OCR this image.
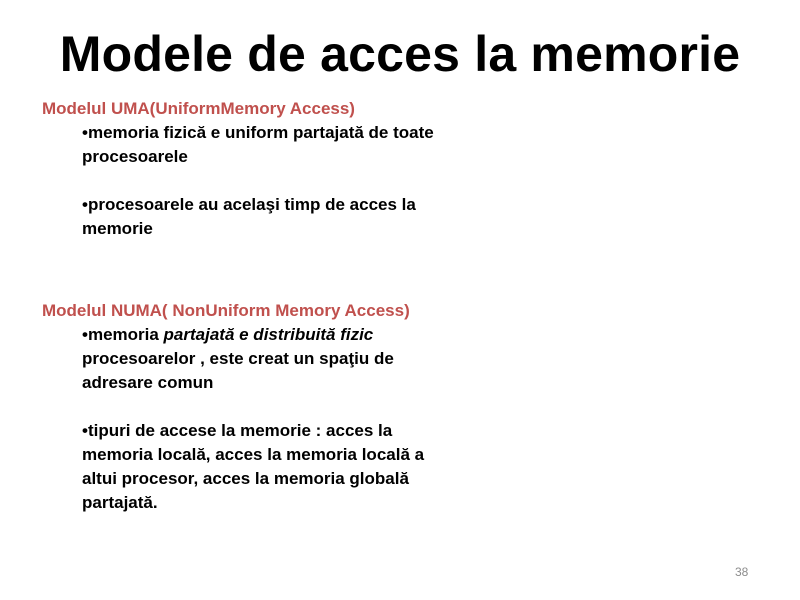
Modele de acces la memorie
Modelul UMA(UniformMemory Access)
•memoria fizică e uniform partajată de toate procesoarele
•procesoarele au acelaşi timp de acces la memorie
Modelul NUMA( NonUniform Memory Access)
•memoria partajată e distribuită fizic procesoarelor , este creat un spaţiu de adresare comun
•tipuri de accese la memorie : acces la memoria locală, acces la memoria locală a altui procesor, acces la memoria globală partajată.
38
